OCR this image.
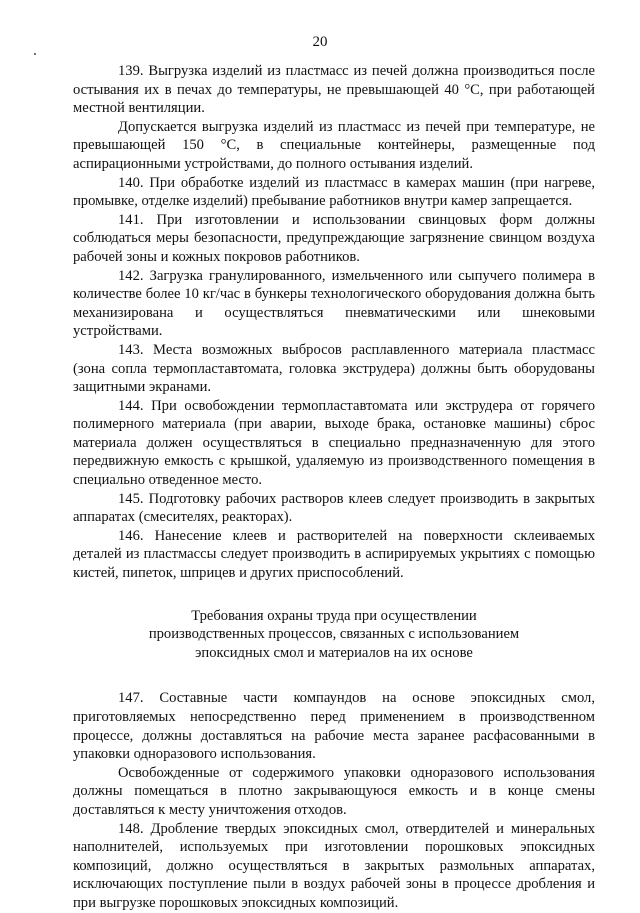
20

139. Выгрузка изделий из пластмасс из печей должна производиться после остывания их в печах до температуры, не превышающей 40 °С, при работающей местной вентиляции.

Допускается выгрузка изделий из пластмасс из печей при температуре, не превышающей 150 °С, в специальные контейнеры, размещенные под аспирационными устройствами, до полного остывания изделий.

140. При обработке изделий из пластмасс в камерах машин (при нагреве, промывке, отделке изделий) пребывание работников внутри камер запрещается.

141. При изготовлении и использовании свинцовых форм должны соблюдаться меры безопасности, предупреждающие загрязнение свинцом воздуха рабочей зоны и кожных покровов работников.

142. Загрузка гранулированного, измельченного или сыпучего полимера в количестве более 10 кг/час в бункеры технологического оборудования должна быть механизирована и осуществляться пневматическими или шнековыми устройствами.

143. Места возможных выбросов расплавленного материала пластмасс (зона сопла термопластавтомата, головка экструдера) должны быть оборудованы защитными экранами.

144. При освобождении термопластавтомата или экструдера от горячего полимерного материала (при аварии, выходе брака, остановке машины) сброс материала должен осуществляться в специально предназначенную для этого передвижную емкость с крышкой, удаляемую из производственного помещения в специально отведенное место.

145. Подготовку рабочих растворов клеев следует производить в закрытых аппаратах (смесителях, реакторах).

146. Нанесение клеев и растворителей на поверхности склеиваемых деталей из пластмассы следует производить в аспирируемых укрытиях с помощью кистей, пипеток, шприцев и других приспособлений.

Требования охраны труда при осуществлении
производственных процессов, связанных с использованием
эпоксидных смол и материалов на их основе

147. Составные части компаундов на основе эпоксидных смол, приготовляемых непосредственно перед применением в производственном процессе, должны доставляться на рабочие места заранее расфасованными в упаковки одноразового использования.

Освобожденные от содержимого упаковки одноразового использования должны помещаться в плотно закрывающуюся емкость и в конце смены доставляться к месту уничтожения отходов.

148. Дробление твердых эпоксидных смол, отвердителей и минеральных наполнителей, используемых при изготовлении порошковых эпоксидных композиций, должно осуществляться в закрытых размольных аппаратах, исключающих поступление пыли в воздух рабочей зоны в процессе дробления и при выгрузке порошковых эпоксидных композиций.
